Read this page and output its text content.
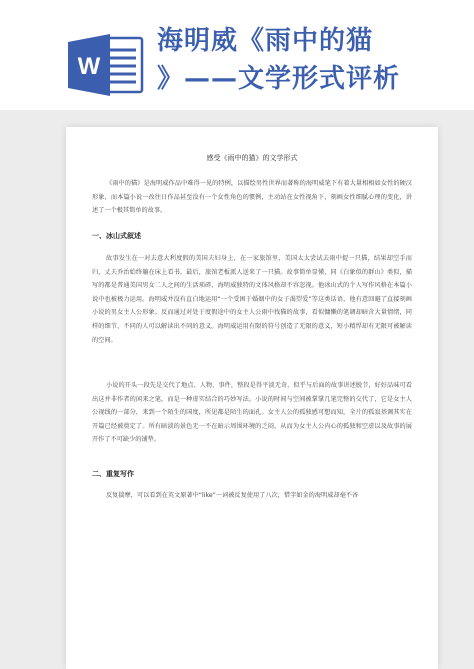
W
海明威《雨中的猫
》——文学形式评析
感受《雨中的猫》的文学形式
《雨中的猫》是海明威作品中难得一见的特例，以描绘男性世界而著称的海明威笔下有着大量相相如女性的硬汉形象，而本篇小说一改往日作品甚至没有一个女性角色的惯例，主动站在女性视角下，刻画女性细腻心理的变化，讲述了一个极其简单的故事。
一、冰山式叙述
故事发生在一对去意大利度假的美国夫妇身上，在一家旅馆里，美国太太尝试去雨中捉一只猫，结果却空手而归，丈夫乔治始终躺在床上看书。最后，旅馆老板派人送来了一只猫。故事简单显懂，同《白象似的群山》类似，描写的都是普通美国男女二人之间的生活琐碎，海明威独特的文体风格却不容忽视。他冰山式的个人写作风格在本篇小说中也被极力运用。海明威并没有直白地运用“一个受困于婚姻中的女子渴望爱”等这类话语，他有意回避了直接刻画小说的男女主人公形象。反而通过对处于度假途中的女主人公雨中找猫的故事，看似慵懒的笔调却暗含大量情绪，同样的细节，不同的人可以解读出不同的意义。海明威运用有限的符号创造了无限的意义，短小精悍却有无限可被解读的空间。
小说的开头一段先是交代了地点、人物、事件，整段是得平淡无奇，似乎与后面的故事讲述脱节，好好品味可看出这并非作者的闲来之笔，而是一种虚实结合的巧妙写法。小说的时间与空间被掌掌几笔完整的交代了，它是女主人公视线的一部分，来到一个陌生的国度，所见都是陌生的面孔。女主人公的孤独感可想而知，全片的孤寂基调其实在开篇已经被奠定了。所有暗淡的景色无一不在暗示周围环境的乏闷，从而为女主人公内心的孤独和空虚以及故事的展开作了不可缺少的铺垫。
二、重复写作
反复揣摩，可以看到在英文原著中“like”一词被反复使用了八次，惜字如金的海明威却毫不吝
